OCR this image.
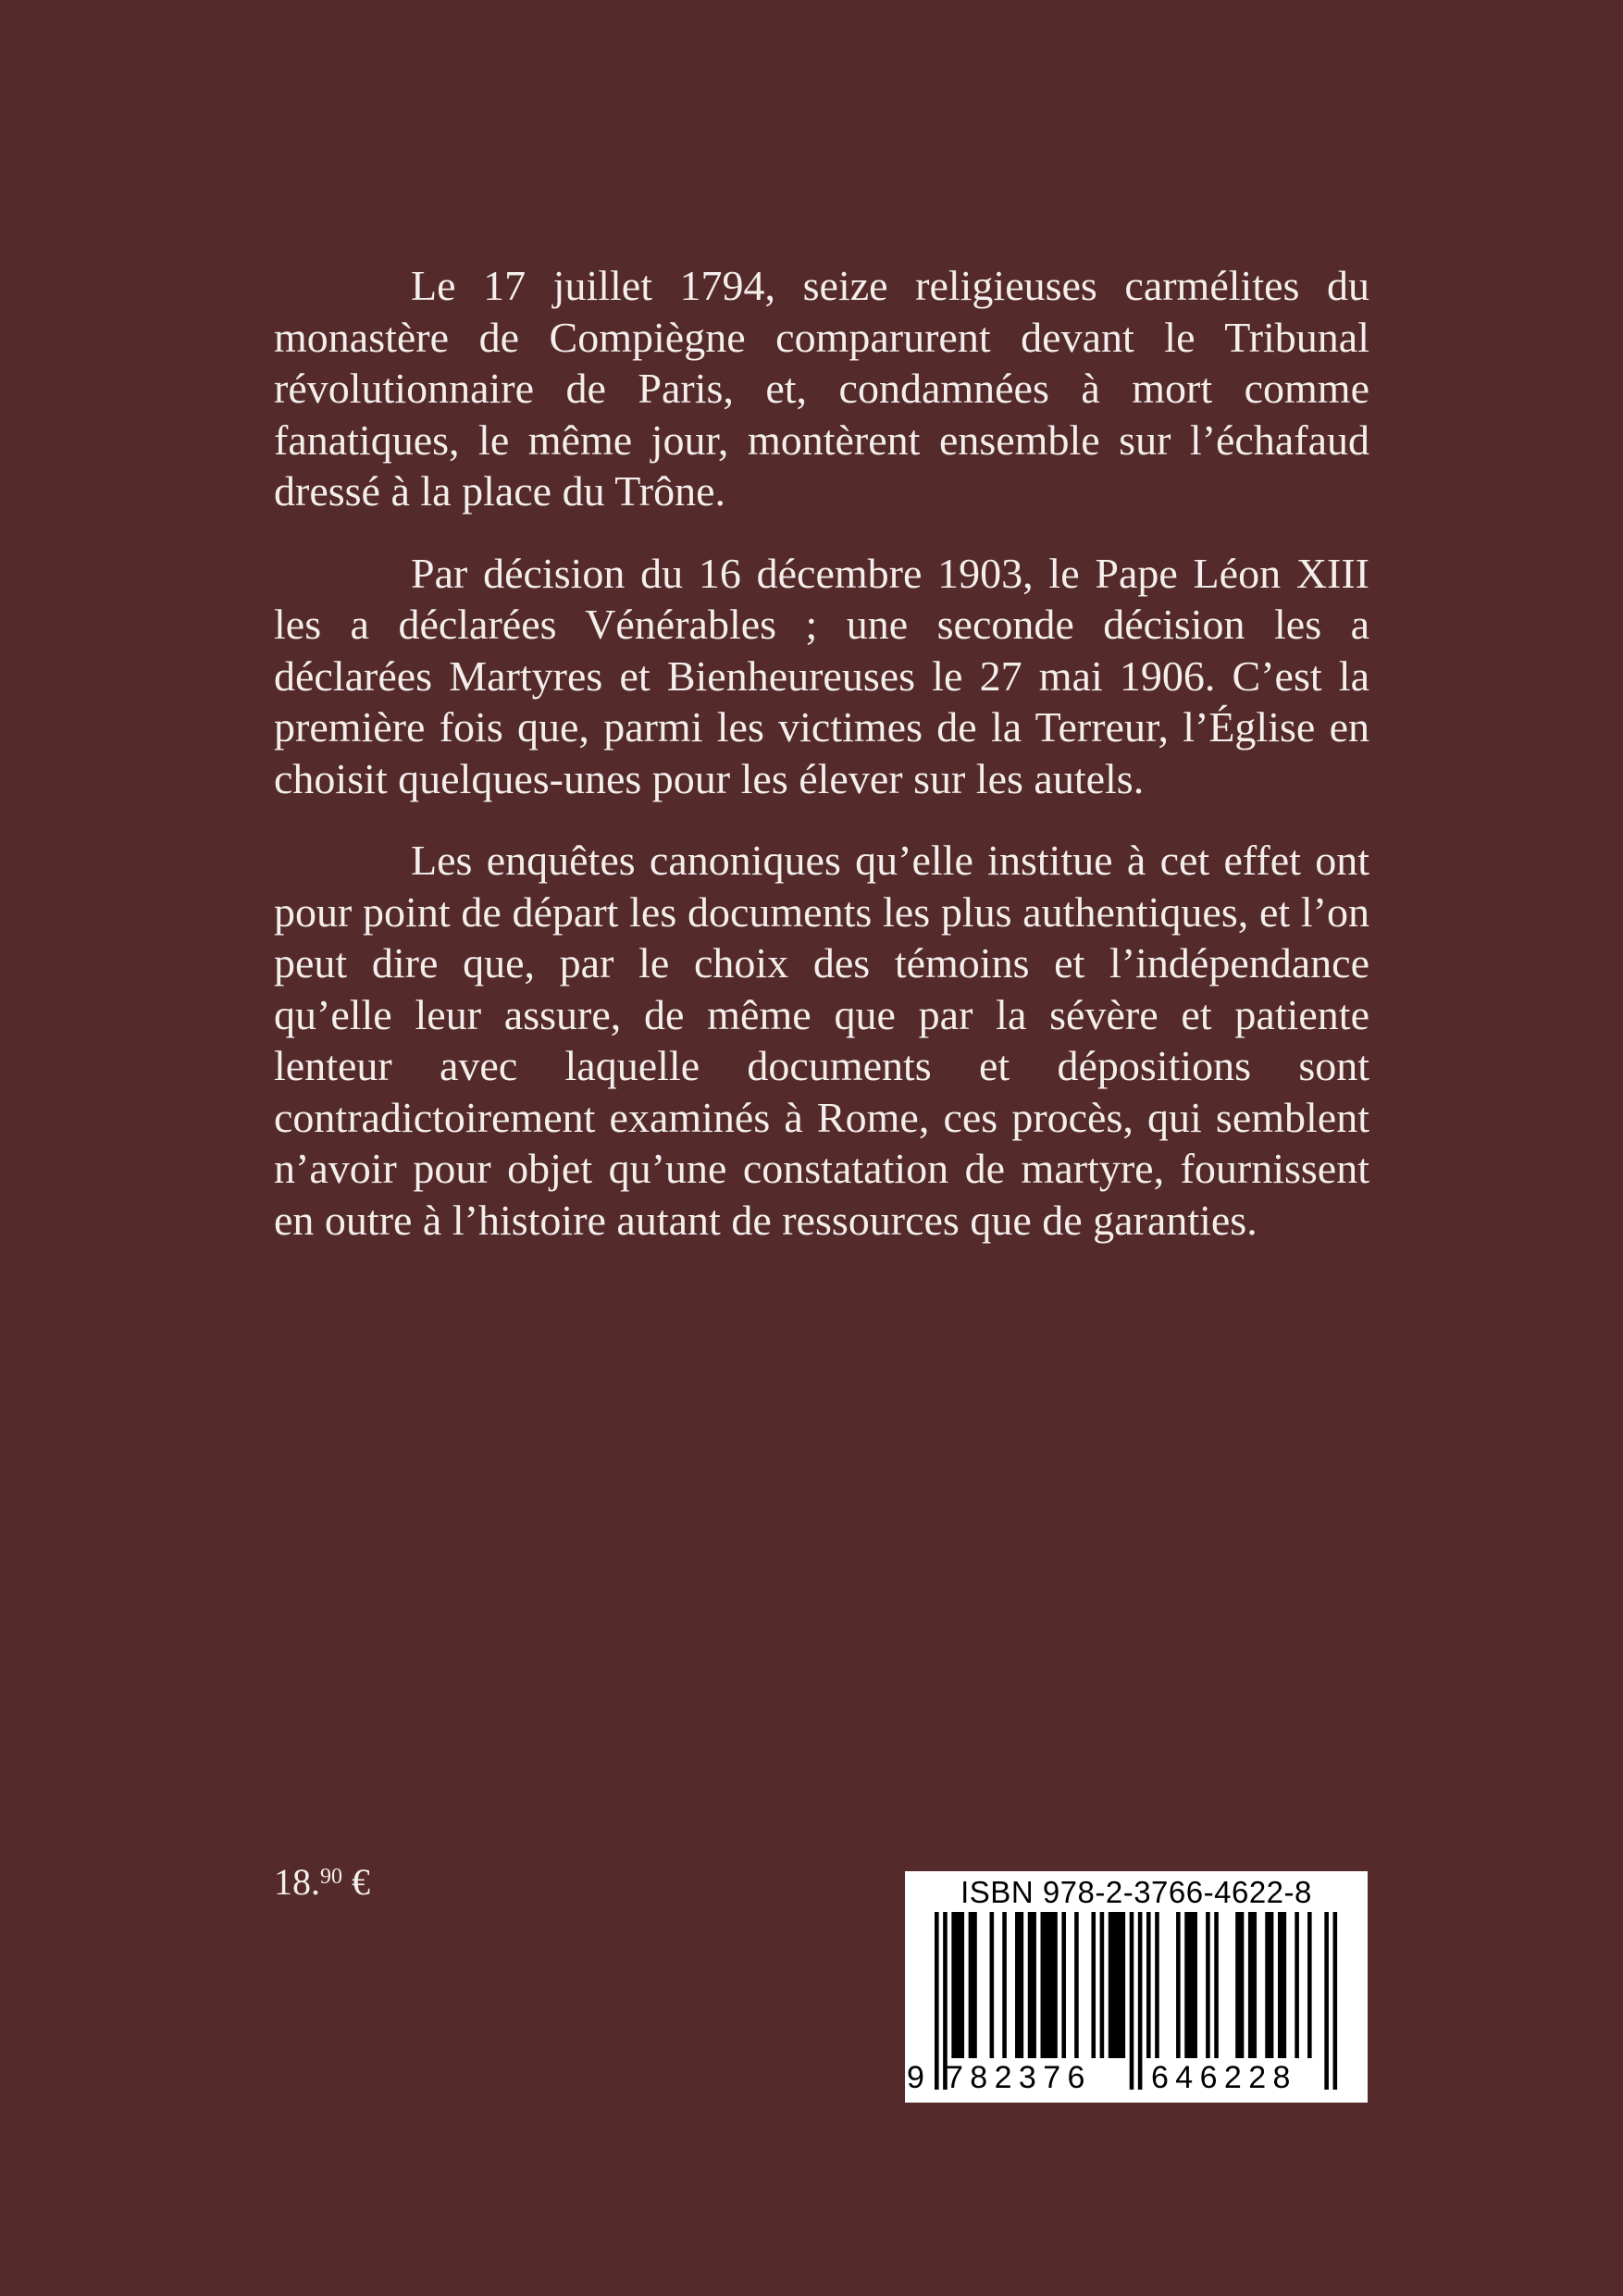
Le 17 juillet 1794, seize religieuses carmélites du monastère de Compiègne comparurent devant le Tribunal révolutionnaire de Paris, et, condamnées à mort comme fanatiques, le même jour, montèrent ensemble sur l’échafaud dressé à la place du Trône.

Par décision du 16 décembre 1903, le Pape Léon XIII les a déclarées Vénérables ; une seconde décision les a déclarées Martyres et Bienheureuses le 27 mai 1906. C’est la première fois que, parmi les victimes de la Terreur, l’Église en choisit quelques-unes pour les élever sur les autels.

Les enquêtes canoniques qu’elle institue à cet effet ont pour point de départ les documents les plus authentiques, et l’on peut dire que, par le choix des témoins et l’indépendance qu’elle leur assure, de même que par la sévère et patiente lenteur avec laquelle documents et dépositions sont contradictoirement examinés à Rome, ces procès, qui semblent n’avoir pour objet qu’une constatation de martyre, fournissent en outre à l’histoire autant de ressources que de garanties.

18.90 €	ISBN 978-2-3766-4622-8
9 782376 646228
